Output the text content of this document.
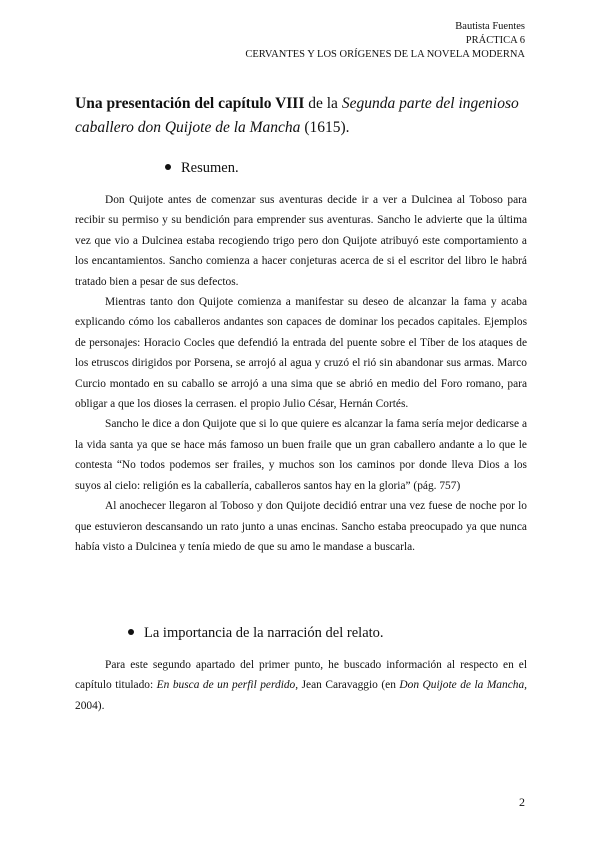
Bautista Fuentes
PRÁCTICA 6
CERVANTES Y LOS ORÍGENES DE LA NOVELA MODERNA
Una presentación del capítulo VIII de la Segunda parte del ingenioso caballero don Quijote de la Mancha (1615).
Resumen.

Don Quijote antes de comenzar sus aventuras decide ir a ver a Dulcinea al Toboso para recibir su permiso y su bendición para emprender sus aventuras. Sancho le advierte que la última vez que vio a Dulcinea estaba recogiendo trigo pero don Quijote atribuyó este comportamiento a los encantamientos. Sancho comienza a hacer conjeturas acerca de si el escritor del libro le habrá tratado bien a pesar de sus defectos.

Mientras tanto don Quijote comienza a manifestar su deseo de alcanzar la fama y acaba explicando cómo los caballeros andantes son capaces de dominar los pecados capitales. Ejemplos de personajes: Horacio Cocles que defendió la entrada del puente sobre el Tíber de los ataques de los etruscos dirigidos por Porsena, se arrojó al agua y cruzó el rió sin abandonar sus armas. Marco Curcio montado en su caballo se arrojó a una sima que se abrió en medio del Foro romano, para obligar a que los dioses la cerrasen. el propio Julio César, Hernán Cortés.

Sancho le dice a don Quijote que si lo que quiere es alcanzar la fama sería mejor dedicarse a la vida santa ya que se hace más famoso un buen fraile que un gran caballero andante a lo que le contesta “No todos podemos ser frailes, y muchos son los caminos por donde lleva Dios a los suyos al cielo: religión es la caballería, caballeros santos hay en la gloria” (pág. 757)

Al anochecer llegaron al Toboso y don Quijote decidió entrar una vez fuese de noche por lo que estuvieron descansando un rato junto a unas encinas. Sancho estaba preocupado ya que nunca había visto a Dulcinea y tenía miedo de que su amo le mandase a buscarla.

La importancia de la narración del relato.

Para este segundo apartado del primer punto, he buscado información al respecto en el capítulo titulado: En busca de un perfil perdido, Jean Caravaggio (en Don Quijote de la Mancha, 2004).

2
